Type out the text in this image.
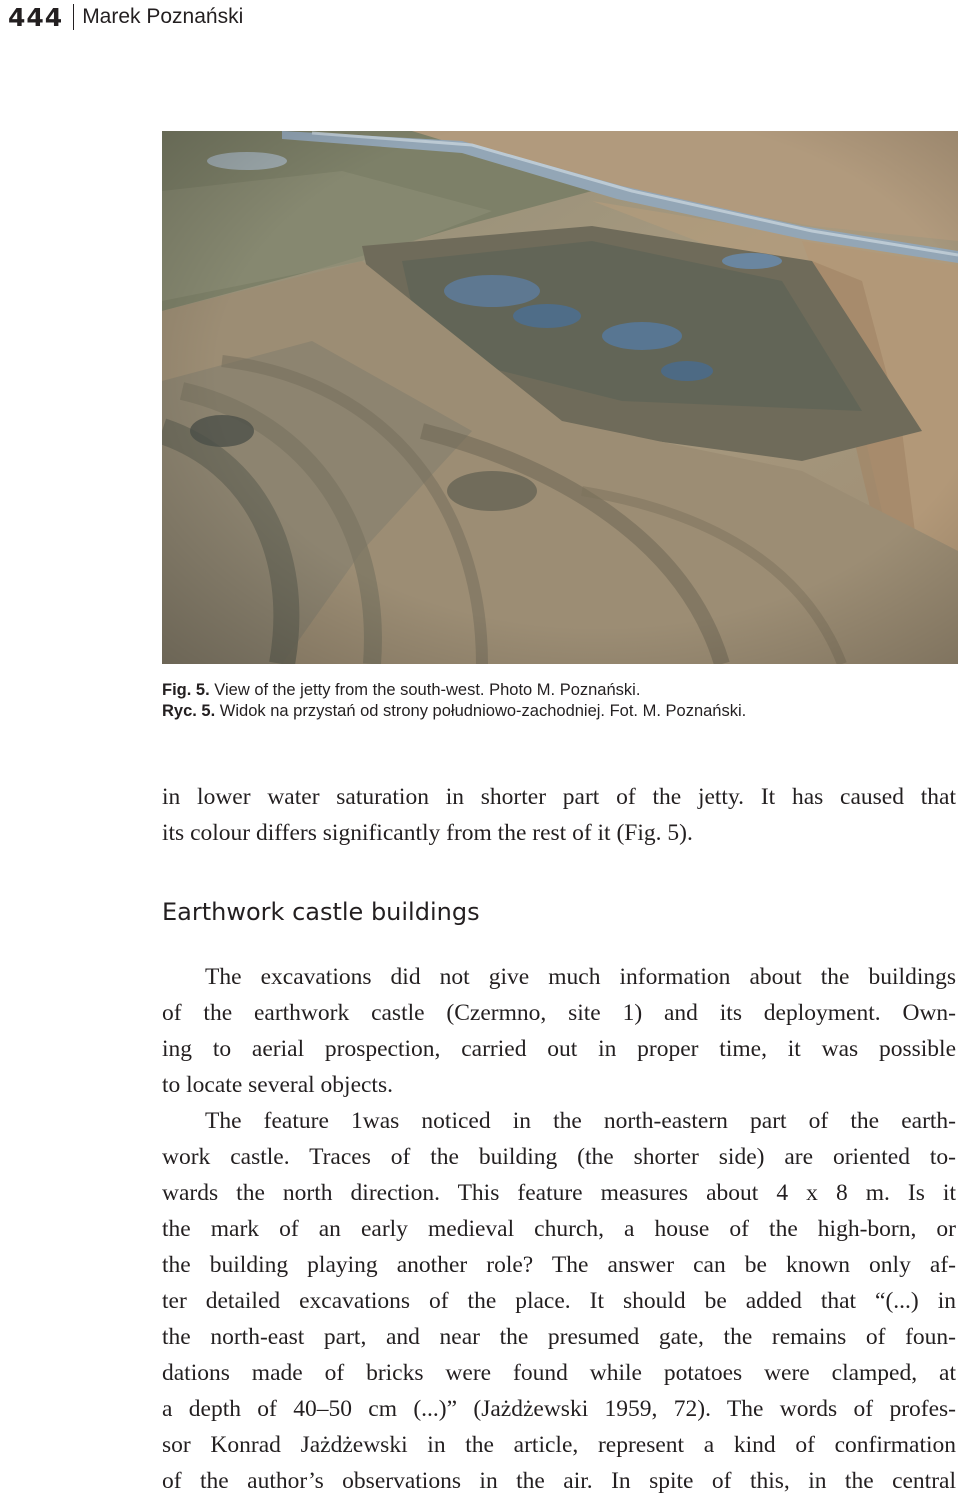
444 Marek Poznański
Fig. 5. View of the jetty from the south-west. Photo M. Poznański.
Ryc. 5. Widok na przystań od strony południowo-zachodniej. Fot. M. Poznański.
in lower water saturation in shorter part of the jetty. It has caused that
its colour differs significantly from the rest of it (Fig. 5).
Earthwork castle buildings
The excavations did not give much information about the buildings
of the earthwork castle (Czermno, site 1) and its deployment. Own-
ing to aerial prospection, carried out in proper time, it was possible
to locate several objects.
The feature 1was noticed in the north-eastern part of the earth-
work castle. Traces of the building (the shorter side) are oriented to-
wards the north direction. This feature measures about 4 x 8 m. Is it
the mark of an early medieval church, a house of the high-born, or
the building playing another role? The answer can be known only af-
ter detailed excavations of the place. It should be added that “(...) in
the north-east part, and near the presumed gate, the remains of foun-
dations made of bricks were found while potatoes were clamped, at
a depth of 40–50 cm (...)” (Jażdżewski 1959, 72). The words of profes-
sor Konrad Jażdżewski in the article, represent a kind of confirmation
of the author’s observations in the air. In spite of this, in the central
